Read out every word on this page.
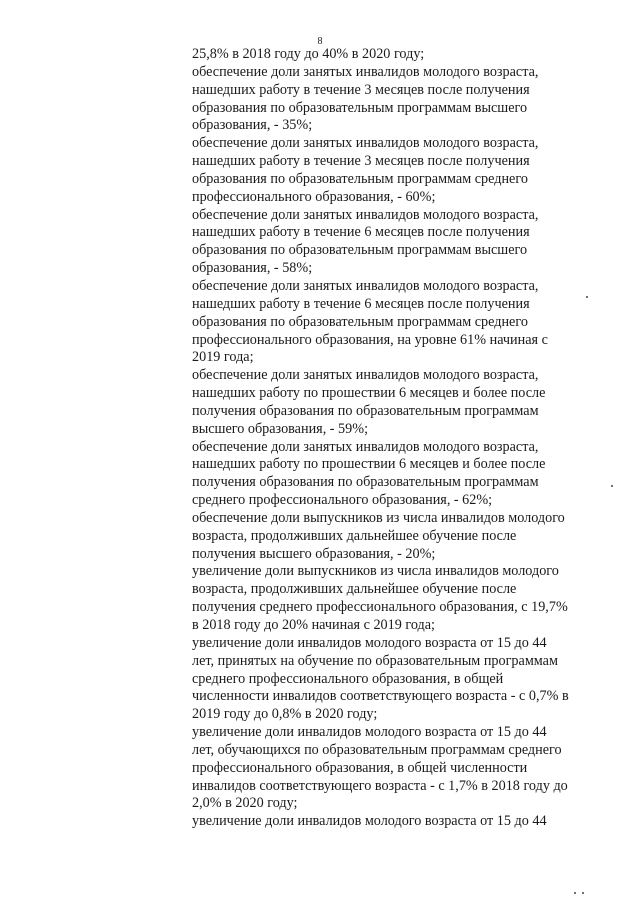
8
25,8% в 2018 году до 40% в 2020 году;
обеспечение доли занятых инвалидов молодого возраста,
нашедших работу в течение 3 месяцев после получения
образования по образовательным программам высшего
образования, - 35%;
обеспечение доли занятых инвалидов молодого возраста,
нашедших работу в течение 3 месяцев после получения
образования по образовательным программам среднего
профессионального образования, - 60%;
обеспечение доли занятых инвалидов молодого возраста,
нашедших работу в течение 6 месяцев после получения
образования по образовательным программам высшего
образования, - 58%;
обеспечение доли занятых инвалидов молодого возраста,
нашедших работу в течение 6 месяцев после получения
образования по образовательным программам среднего
профессионального образования, на уровне 61% начиная с
2019 года;
обеспечение доли занятых инвалидов молодого возраста,
нашедших работу по прошествии 6 месяцев и более после
получения образования по образовательным программам
высшего образования, - 59%;
обеспечение доли занятых инвалидов молодого возраста,
нашедших работу по прошествии 6 месяцев и более после
получения образования по образовательным программам
среднего профессионального образования, - 62%;
обеспечение доли выпускников из числа инвалидов молодого
возраста, продолживших дальнейшее обучение после
получения высшего образования, - 20%;
увеличение доли выпускников из числа инвалидов молодого
возраста, продолживших дальнейшее обучение после
получения среднего профессионального образования, с 19,7%
в 2018 году до 20% начиная с 2019 года;
увеличение доли инвалидов молодого возраста от 15 до 44
лет, принятых на обучение по образовательным программам
среднего профессионального образования, в общей
численности инвалидов соответствующего возраста - с 0,7% в
2019 году до 0,8% в 2020 году;
увеличение доли инвалидов молодого возраста от 15 до 44
лет, обучающихся по образовательным программам среднего
профессионального образования, в общей численности
инвалидов соответствующего возраста - с 1,7% в 2018 году до
2,0% в 2020 году;
увеличение доли инвалидов молодого возраста от 15 до 44
